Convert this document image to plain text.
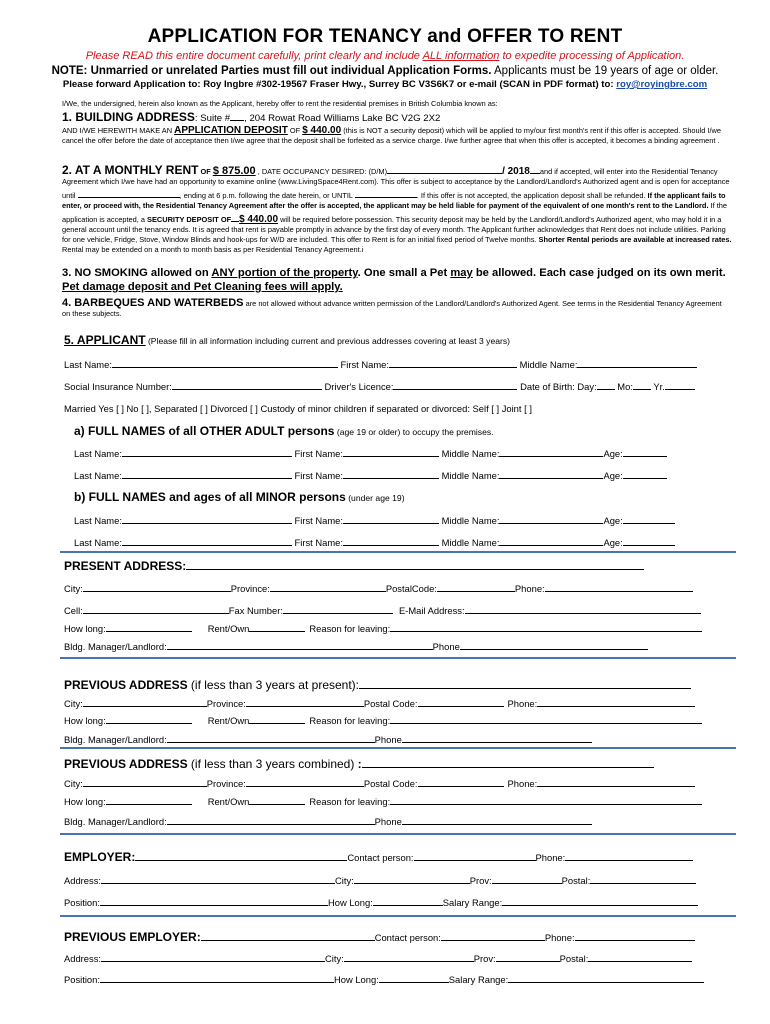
APPLICATION FOR TENANCY and OFFER TO RENT
Please READ this entire document carefully, print clearly and include ALL information to expedite processing of Application.
NOTE: Unmarried or unrelated Parties must fill out individual Application Forms. Applicants must be 19 years of age or older.
Please forward Application to: Roy Ingbre #302-19567 Fraser Hwy., Surrey BC V3S6K7 or e-mail (SCAN in PDF format) to: roy@royingbre.com
I/We, the undersigned, herein also known as the Applicant, hereby offer to rent the residential premises in British Columbia known as:
1. BUILDING ADDRESS: Suite # , 204 Rowat Road Williams Lake BC V2G 2X2
AND I/WE HEREWITH MAKE AN APPLICATION DEPOSIT OF $ 440.00 (this is NOT a security deposit) which will be applied to my/our first month's rent if this offer is accepted. Should I/we cancel the offer before the date of acceptance then I/we agree that the deposit shall be forfeited as a service charge. I/we further agree that when this offer is accepted, it becomes a binding agreement .
2. AT A MONTHLY RENT OF $ 875.00 , DATE OCCUPANCY DESIRED: (D/M)	/ 2018 and if accepted, will enter into the Residential Tenancy Agreement which I/we have had an opportunity to examine online (www.LivingSpace4Rent.com). This offer is subject to acceptance by the Landlord/Landlord's Authorized agent and is open for acceptance until	, ending at 6 p.m. following the date herein, or UNTIL	. If this offer is not accepted, the application deposit shall be refunded. If the applicant fails to enter, or proceed with, the Residential Tenancy Agreement after the offer is accepted, the applicant may be held liable for payment of the equivalent of one month's rent to the Landlord. If the application is accepted, a SECURITY DEPOSIT OF $ 440.00 will be required before possession. This security deposit may be held by the Landlord/Landlord's Authorized agent, who may hold it in a general account until the tenancy ends. It is agreed that rent is payable promptly in advance by the first day of every month. The Applicant further acknowledges that Rent does not include utilities. Parking for one vehicle, Fridge, Stove, Window Blinds and hook-ups for W/D are included. This offer to Rent is for an initial fixed period of Twelve months. Shorter Rental periods are available at increased rates. Rental may be extended on a month to month basis as per Residential Tenancy Agreement.i
3. NO SMOKING allowed on ANY portion of the property. One small a Pet may be allowed. Each case judged on its own merit. Pet damage deposit and Pet Cleaning fees will apply.
4. BARBEQUES AND WATERBEDS are not allowed without advance written permission of the Landlord/Landlord's Authorized Agent. See terms in the Residential Tenancy Agreement on these subjects.
5. APPLICANT (Please fill in all information including current and previous addresses covering at least 3 years)
Last Name:	First Name:	Middle Name:
Social Insurance Number:	Driver's Licence:	Date of Birth: Day: Mo: Yr.
Married Yes [ ] No [ ], Separated [ ] Divorced [ ] Custody of minor children if separated or divorced: Self [ ] Joint [ ]
a) FULL NAMES of all OTHER ADULT persons (age 19 or older) to occupy the premises.
Last Name:	First Name:	Middle Name:	Age:
Last Name:	First Name:	Middle Name:	Age:
b) FULL NAMES and ages of all MINOR persons (under age 19)
Last Name:	First Name:	Middle Name:	Age:
Last Name:	First Name:	Middle Name:	Age:
PRESENT ADDRESS:
City:	Province:	PostalCode:	Phone:
Cell:	Fax Number:	E-Mail Address:
How long:	Rent/Own	Reason for leaving:
Bldg. Manager/Landlord:	Phone
PREVIOUS ADDRESS (if less than 3 years at present):
City:	Province:	Postal Code:	Phone:
How long:	Rent/Own	Reason for leaving:
Bldg. Manager/Landlord:	Phone
PREVIOUS ADDRESS (if less than 3 years combined) :
City:	Province:	Postal Code:	Phone:
How long:	Rent/Own	Reason for leaving:
Bldg. Manager/Landlord:	Phone
EMPLOYER:	Contact person:	Phone:
Address:	City:	Prov:	Postal:
Position:	How Long:	Salary Range:
PREVIOUS EMPLOYER:	Contact person:	Phone:
Address:	City:	Prov:	Postal:
Position:	How Long:	Salary Range:
